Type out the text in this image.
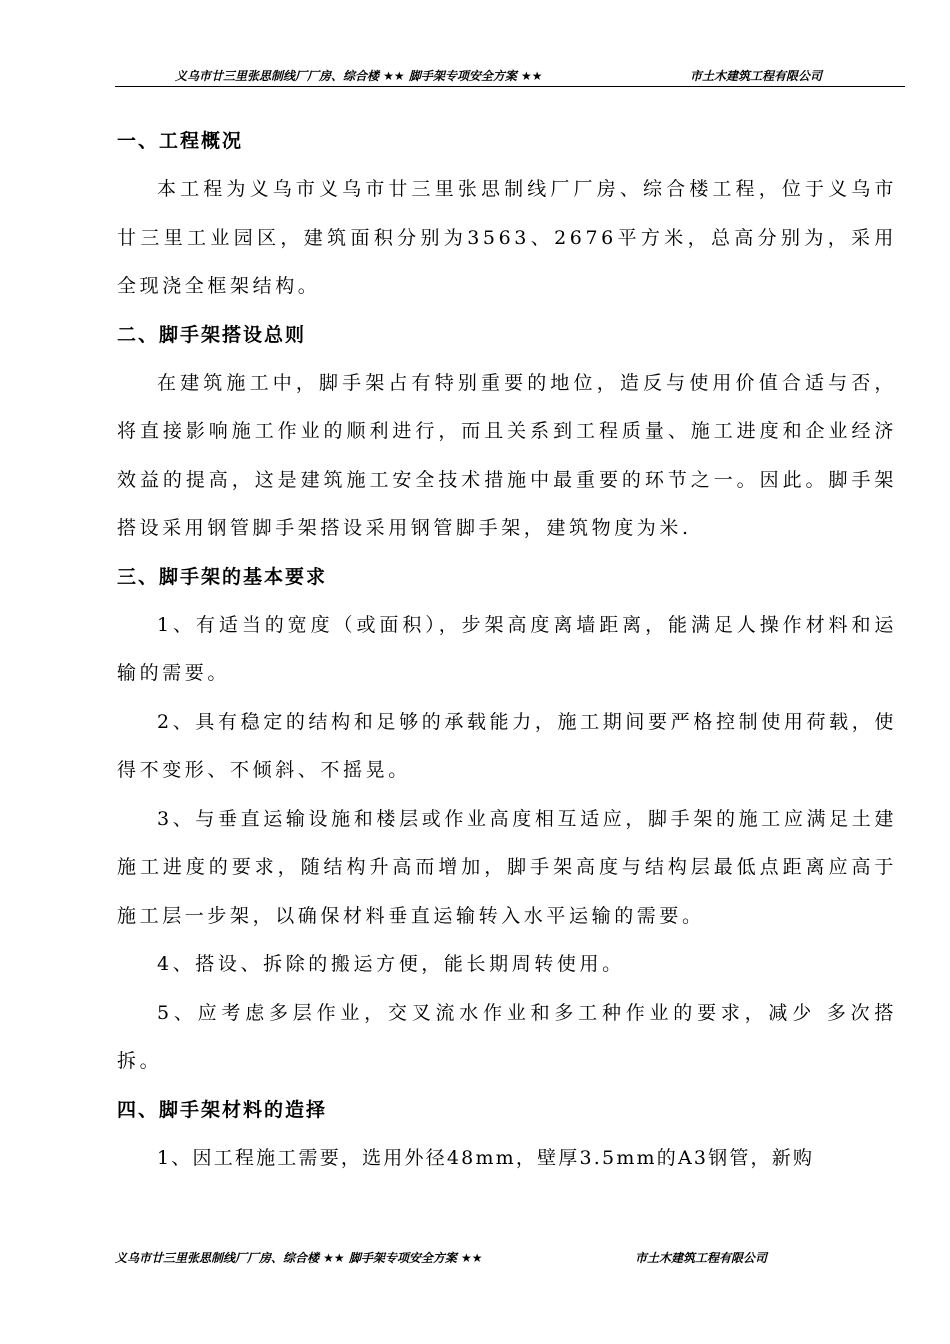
义乌市廿三里张思制线厂厂房、综合楼 ★★ 脚手架专项安全方案 ★★	市土木建筑工程有限公司
一、工程概况

本工程为义乌市义乌市廿三里张思制线厂厂房、综合楼工程，位于义乌市廿三里工业园区，建筑面积分别为3563、2676平方米，总高分别为，采用全现浇全框架结构。

二、脚手架搭设总则

在建筑施工中，脚手架占有特别重要的地位，造反与使用价值合适与否，将直接影响施工作业的顺利进行，而且关系到工程质量、施工进度和企业经济效益的提高，这是建筑施工安全技术措施中最重要的环节之一。因此。脚手架搭设采用钢管脚手架搭设采用钢管脚手架，建筑物度为米.

三、脚手架的基本要求

1、有适当的宽度（或面积），步架高度离墙距离，能满足人操作材料和运输的需要。

2、具有稳定的结构和足够的承载能力，施工期间要严格控制使用荷载，使得不变形、不倾斜、不摇晃。

3、与垂直运输设施和楼层或作业高度相互适应，脚手架的施工应满足土建施工进度的要求，随结构升高而增加，脚手架高度与结构层最低点距离应高于施工层一步架，以确保材料垂直运输转入水平运输的需要。

4、搭设、拆除的搬运方便，能长期周转使用。

5、应考虑多层作业，交叉流水作业和多工种作业的要求，减少 多次搭拆。

四、脚手架材料的造择

1、因工程施工需要，选用外径48mm，壁厚3.5mm的A3钢管，新购

义乌市廿三里张思制线厂厂房、综合楼 ★★ 脚手架专项安全方案 ★★	市土木建筑工程有限公司
